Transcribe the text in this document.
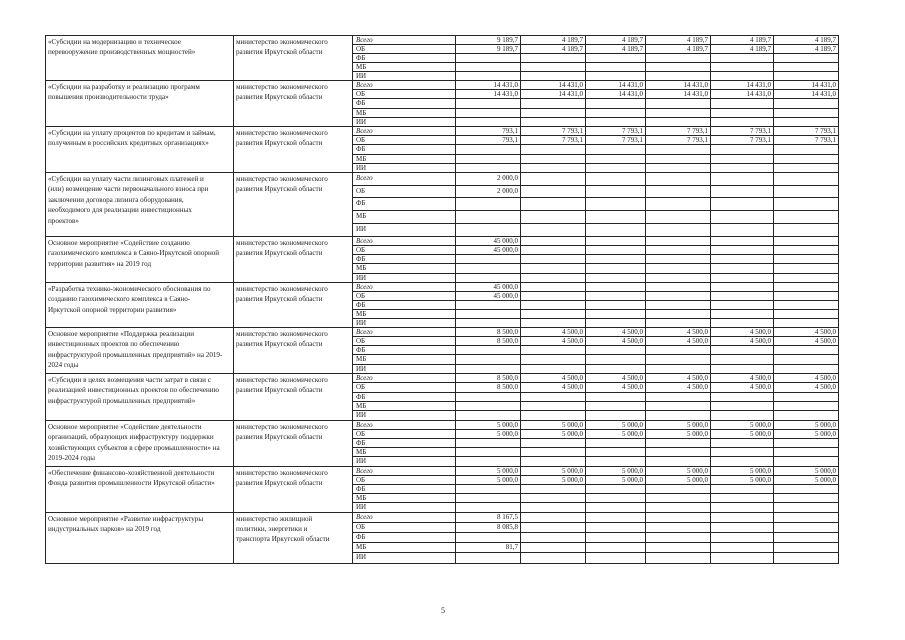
«Субсидии на модернизацию и техническое
перевооружение производственных мощностей»
министерство экономического
развития Иркутской области
Всего	9 189,7	4 189,7	4 189,7	4 189,7	4 189,7	4 189,7
ОБ	9 189,7	4 189,7	4 189,7	4 189,7	4 189,7	4 189,7
ФБ
МБ
ИИ
«Субсидии на разработку и реализацию программ
повышения производительности труда»
министерство экономического
развития Иркутской области
Всего	14 431,0	14 431,0	14 431,0	14 431,0	14 431,0	14 431,0
ОБ	14 431,0	14 431,0	14 431,0	14 431,0	14 431,0	14 431,0
ФБ
МБ
ИИ
«Субсидии на уплату процентов по кредитам и займам,
полученным в российских кредитных организациях»
министерство экономического
развития Иркутской области
Всего	793,1	7 793,1	7 793,1	7 793,1	7 793,1	7 793,1
ОБ	793,1	7 793,1	7 793,1	7 793,1	7 793,1	7 793,1
ФБ
МБ
ИИ
«Субсидии на уплату части лизинговых платежей и
(или) возмещение части первоначального взноса при
заключении договора лизинга оборудования,
необходимого для реализации инвестиционных
проектов»
министерство экономического
развития Иркутской области
Всего	2 000,0
ОБ	2 000,0
ФБ
МБ
ИИ
Основное мероприятие «Содействие созданию
газохимического комплекса в Саяно-Иркутской опорной
территории развития» на 2019 год
министерство экономического
развития Иркутской области
Всего	45 000,0
ОБ	45 000,0
ФБ
МБ
ИИ
«Разработка технико-экономического обоснования по
созданию газохимического комплекса в Саяно-
Иркутской опорной территории развития»
министерство экономического
развития Иркутской области
Всего	45 000,0
ОБ	45 000,0
ФБ
МБ
ИИ
Основное мероприятие «Поддержка реализации
инвестиционных проектов по обеспечению
инфраструктурой промышленных предприятий» на 2019-
2024 годы
министерство экономического
развития Иркутской области
Всего	8 500,0	4 500,0	4 500,0	4 500,0	4 500,0	4 500,0
ОБ	8 500,0	4 500,0	4 500,0	4 500,0	4 500,0	4 500,0
ФБ
МБ
ИИ
«Субсидии в целях возмещения части затрат в связи с
реализацией инвестиционных проектов по обеспечению
инфраструктурой промышленных предприятий»
министерство экономического
развития Иркутской области
Всего	8 500,0	4 500,0	4 500,0	4 500,0	4 500,0	4 500,0
ОБ	8 500,0	4 500,0	4 500,0	4 500,0	4 500,0	4 500,0
ФБ
МБ
ИИ
Основное мероприятие «Содействие деятельности
организаций, образующих инфраструктуру поддержки
хозяйствующих субъектов в сфере промышленности» на
2019-2024 годы
министерство экономического
развития Иркутской области
Всего	5 000,0	5 000,0	5 000,0	5 000,0	5 000,0	5 000,0
ОБ	5 000,0	5 000,0	5 000,0	5 000,0	5 000,0	5 000,0
ФБ
МБ
ИИ
«Обеспечение финансово-хозяйственной деятельности
Фонда развития промышленности Иркутской области»
министерство экономического
развития Иркутской области
Всего	5 000,0	5 000,0	5 000,0	5 000,0	5 000,0	5 000,0
ОБ	5 000,0	5 000,0	5 000,0	5 000,0	5 000,0	5 000,0
ФБ
МБ
ИИ
Основное мероприятие «Развитие инфраструктуры
индустриальных парков» на 2019 год
министерство жилищной
политики, энергетики и
транспорта Иркутской области
Всего	8 167,5
ОБ	8 085,8
ФБ
МБ	81,7
ИИ
5
